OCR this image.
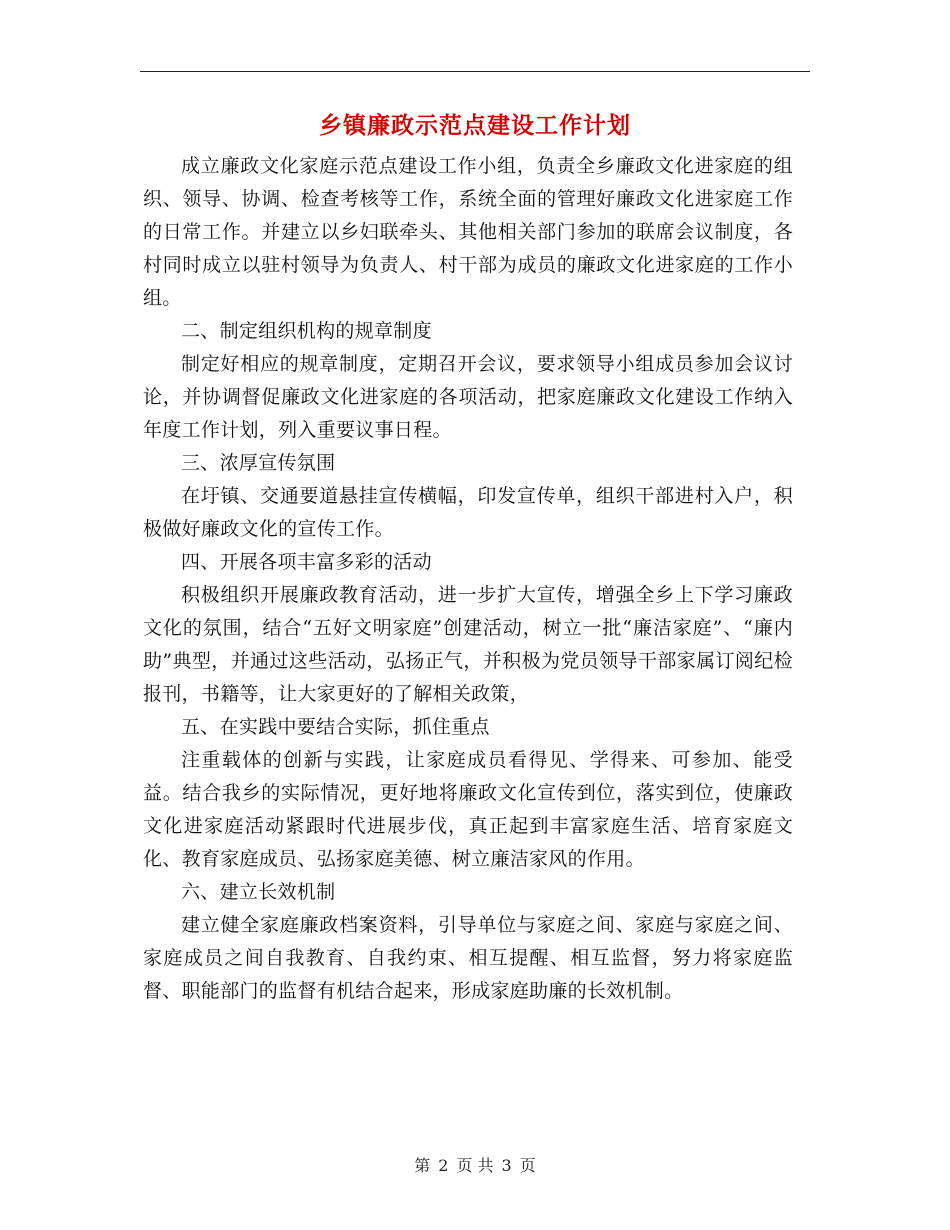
乡镇廉政示范点建设工作计划

成立廉政文化家庭示范点建设工作小组，负责全乡廉政文化进家庭的组织、领导、协调、检查考核等工作，系统全面的管理好廉政文化进家庭工作的日常工作。并建立以乡妇联牵头、其他相关部门参加的联席会议制度，各村同时成立以驻村领导为负责人、村干部为成员的廉政文化进家庭的工作小组。

二、制定组织机构的规章制度

制定好相应的规章制度，定期召开会议，要求领导小组成员参加会议讨论，并协调督促廉政文化进家庭的各项活动，把家庭廉政文化建设工作纳入年度工作计划，列入重要议事日程。

三、浓厚宣传氛围

在圩镇、交通要道悬挂宣传横幅，印发宣传单，组织干部进村入户，积极做好廉政文化的宣传工作。

四、开展各项丰富多彩的活动

积极组织开展廉政教育活动，进一步扩大宣传，增强全乡上下学习廉政文化的氛围，结合“五好文明家庭”创建活动，树立一批“廉洁家庭”、“廉内助”典型，并通过这些活动，弘扬正气，并积极为党员领导干部家属订阅纪检报刊，书籍等，让大家更好的了解相关政策，

五、在实践中要结合实际，抓住重点

注重载体的创新与实践，让家庭成员看得见、学得来、可参加、能受益。结合我乡的实际情况，更好地将廉政文化宣传到位，落实到位，使廉政文化进家庭活动紧跟时代进展步伐，真正起到丰富家庭生活、培育家庭文化、教育家庭成员、弘扬家庭美德、树立廉洁家风的作用。

六、建立长效机制

建立健全家庭廉政档案资料，引导单位与家庭之间、家庭与家庭之间、家庭成员之间自我教育、自我约束、相互提醒、相互监督，努力将家庭监督、职能部门的监督有机结合起来，形成家庭助廉的长效机制。

第 2 页 共 3 页
